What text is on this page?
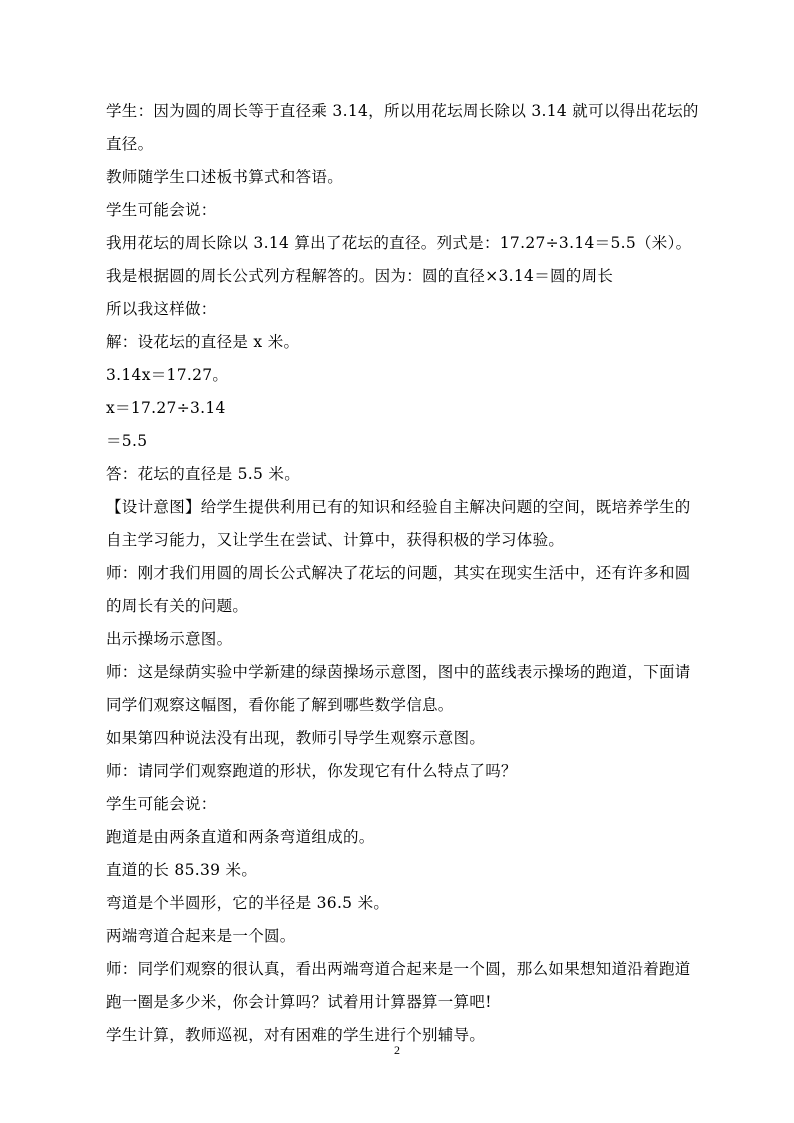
学生：因为圆的周长等于直径乘 3.14，所以用花坛周长除以 3.14 就可以得出花坛的
直径。
教师随学生口述板书算式和答语。
学生可能会说：
我用花坛的周长除以 3.14 算出了花坛的直径。列式是：17.27÷3.14＝5.5（米）。
我是根据圆的周长公式列方程解答的。因为：圆的直径×3.14＝圆的周长
所以我这样做：
解：设花坛的直径是 x 米。
3.14x＝17.27。
x＝17.27÷3.14
＝5.5
答：花坛的直径是 5.5 米。
【设计意图】给学生提供利用已有的知识和经验自主解决问题的空间，既培养学生的
自主学习能力，又让学生在尝试、计算中，获得积极的学习体验。
师：刚才我们用圆的周长公式解决了花坛的问题，其实在现实生活中，还有许多和圆
的周长有关的问题。
出示操场示意图。
师：这是绿荫实验中学新建的绿茵操场示意图，图中的蓝线表示操场的跑道，下面请
同学们观察这幅图，看你能了解到哪些数学信息。
如果第四种说法没有出现，教师引导学生观察示意图。
师：请同学们观察跑道的形状，你发现它有什么特点了吗？
学生可能会说：
跑道是由两条直道和两条弯道组成的。
直道的长 85.39 米。
弯道是个半圆形，它的半径是 36.5 米。
两端弯道合起来是一个圆。
师：同学们观察的很认真，看出两端弯道合起来是一个圆，那么如果想知道沿着跑道
跑一圈是多少米，你会计算吗？试着用计算器算一算吧!
学生计算，教师巡视，对有困难的学生进行个别辅导。
2
